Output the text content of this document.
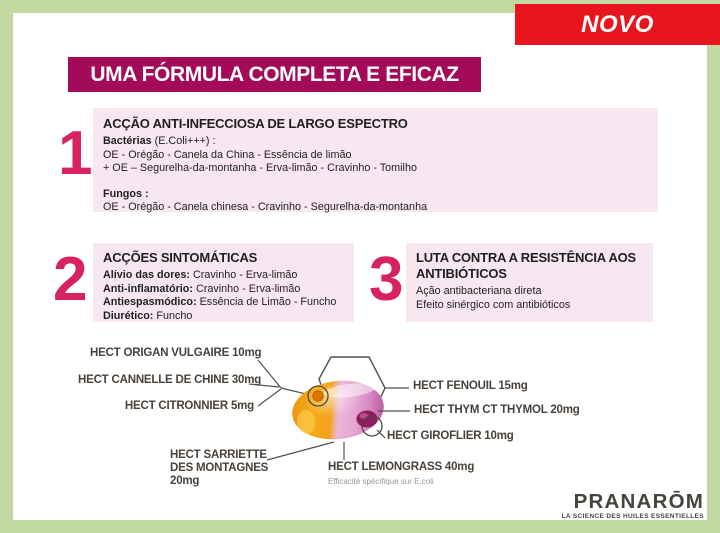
NOVO
UMA FÓRMULA COMPLETA E EFICAZ
1 ACÇÃO ANTI-INFECCIOSA DE LARGO ESPECTRO
Bactérias (E.Coli+++) :
OE - Orégão - Canela da China - Essência de limão
+ OE – Segurelha-da-montanha - Erva-limão - Cravinho - Tomilho
Fungos :
OE - Orégão - Canela chinesa - Cravinho - Segurelha-da-montanha
2 ACÇÕES SINTOMÁTICAS
Alívio das dores: Cravinho - Erva-limão
Anti-inflamatório: Cravinho - Erva-limão
Antiespasmódico: Essência de Limão - Funcho
Diurético: Funcho
3 LUTA CONTRA A RESISTÊNCIA AOS ANTIBIÓTICOS
Ação antibacteriana direta
Efeito sinérgico com antibióticos
HECT ORIGAN VULGAIRE 10mg
HECT CANNELLE DE CHINE 30mg
HECT CITRONNIER 5mg
HECT FENOUIL 15mg
HECT THYM CT THYMOL 20mg
HECT GIROFLIER 10mg
HECT SARRIETTE DES MONTAGNES 20mg
HECT LEMONGRASS 40mg
Efficacité spécifique sur E.coli
PRANARŌM
LA SCIENCE DES HUILES ESSENTIELLES
